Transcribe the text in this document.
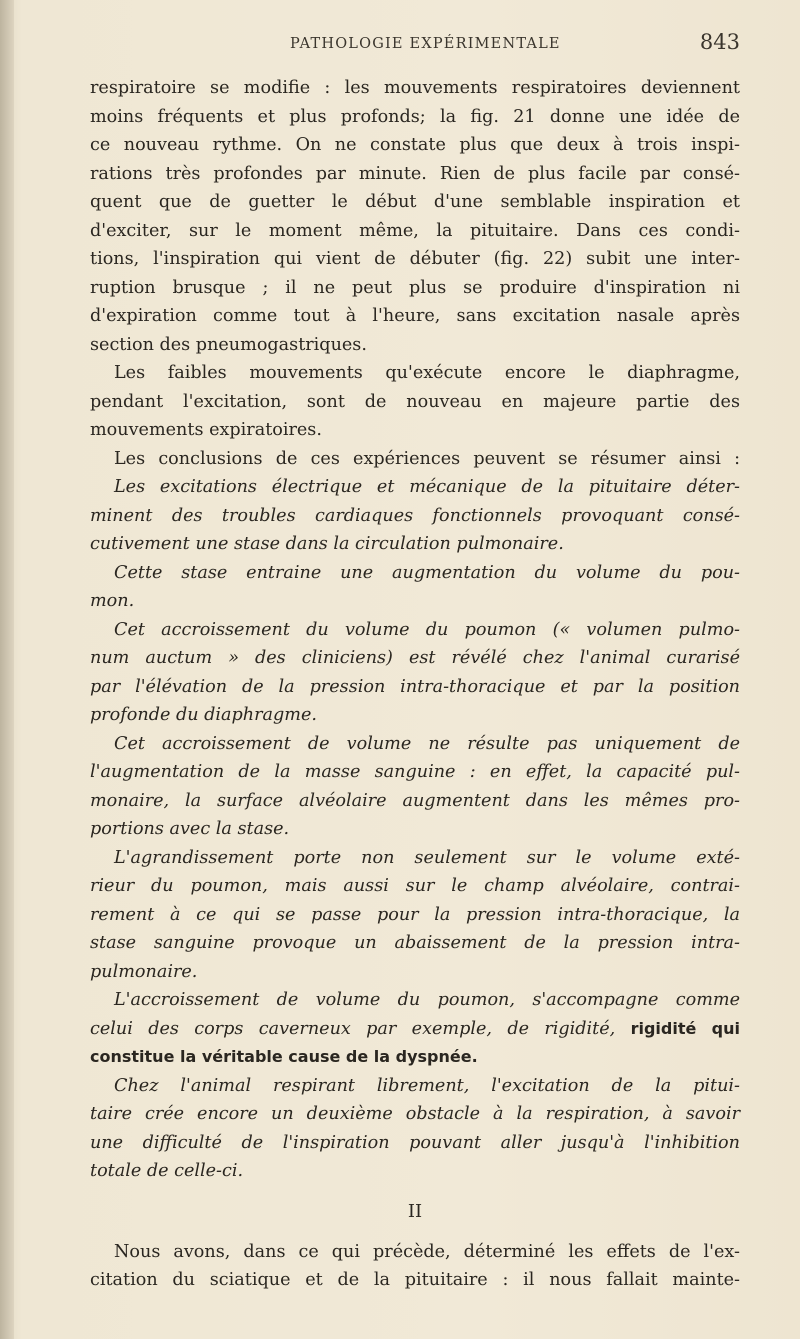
PATHOLOGIE EXPÉRIMENTALE	843
respiratoire se modifie : les mouvements respiratoires deviennent
moins fréquents et plus profonds; la fig. 21 donne une idée de
ce nouveau rythme. On ne constate plus que deux à trois inspi-
rations très profondes par minute. Rien de plus facile par consé-
quent que de guetter le début d'une semblable inspiration et
d'exciter, sur le moment même, la pituitaire. Dans ces condi-
tions, l'inspiration qui vient de débuter (fig. 22) subit une inter-
ruption brusque ; il ne peut plus se produire d'inspiration ni
d'expiration comme tout à l'heure, sans excitation nasale après
section des pneumogastriques.
Les faibles mouvements qu'exécute encore le diaphragme,
pendant l'excitation, sont de nouveau en majeure partie des
mouvements expiratoires.
Les conclusions de ces expériences peuvent se résumer ainsi :
Les excitations électrique et mécanique de la pituitaire déter-
minent des troubles cardiaques fonctionnels provoquant consé-
cutivement une stase dans la circulation pulmonaire.
Cette stase entraine une augmentation du volume du pou-
mon.
Cet accroissement du volume du poumon (« volumen pulmo-
num auctum » des cliniciens) est révélé chez l'animal curarisé
par l'élévation de la pression intra-thoracique et par la position
profonde du diaphragme.
Cet accroissement de volume ne résulte pas uniquement de
l'augmentation de la masse sanguine : en effet, la capacité pul-
monaire, la surface alvéolaire augmentent dans les mêmes pro-
portions avec la stase.
L'agrandissement porte non seulement sur le volume exté-
rieur du poumon, mais aussi sur le champ alvéolaire, contrai-
rement à ce qui se passe pour la pression intra-thoracique, la
stase sanguine provoque un abaissement de la pression intra-
pulmonaire.
L'accroissement de volume du poumon, s'accompagne comme
celui des corps caverneux par exemple, de rigidité, rigidité qui
constitue la véritable cause de la dyspnée.
Chez l'animal respirant librement, l'excitation de la pitui-
taire crée encore un deuxième obstacle à la respiration, à savoir
une difficulté de l'inspiration pouvant aller jusqu'à l'inhibition
totale de celle-ci.
II
Nous avons, dans ce qui précède, déterminé les effets de l'ex-
citation du sciatique et de la pituitaire : il nous fallait mainte-
